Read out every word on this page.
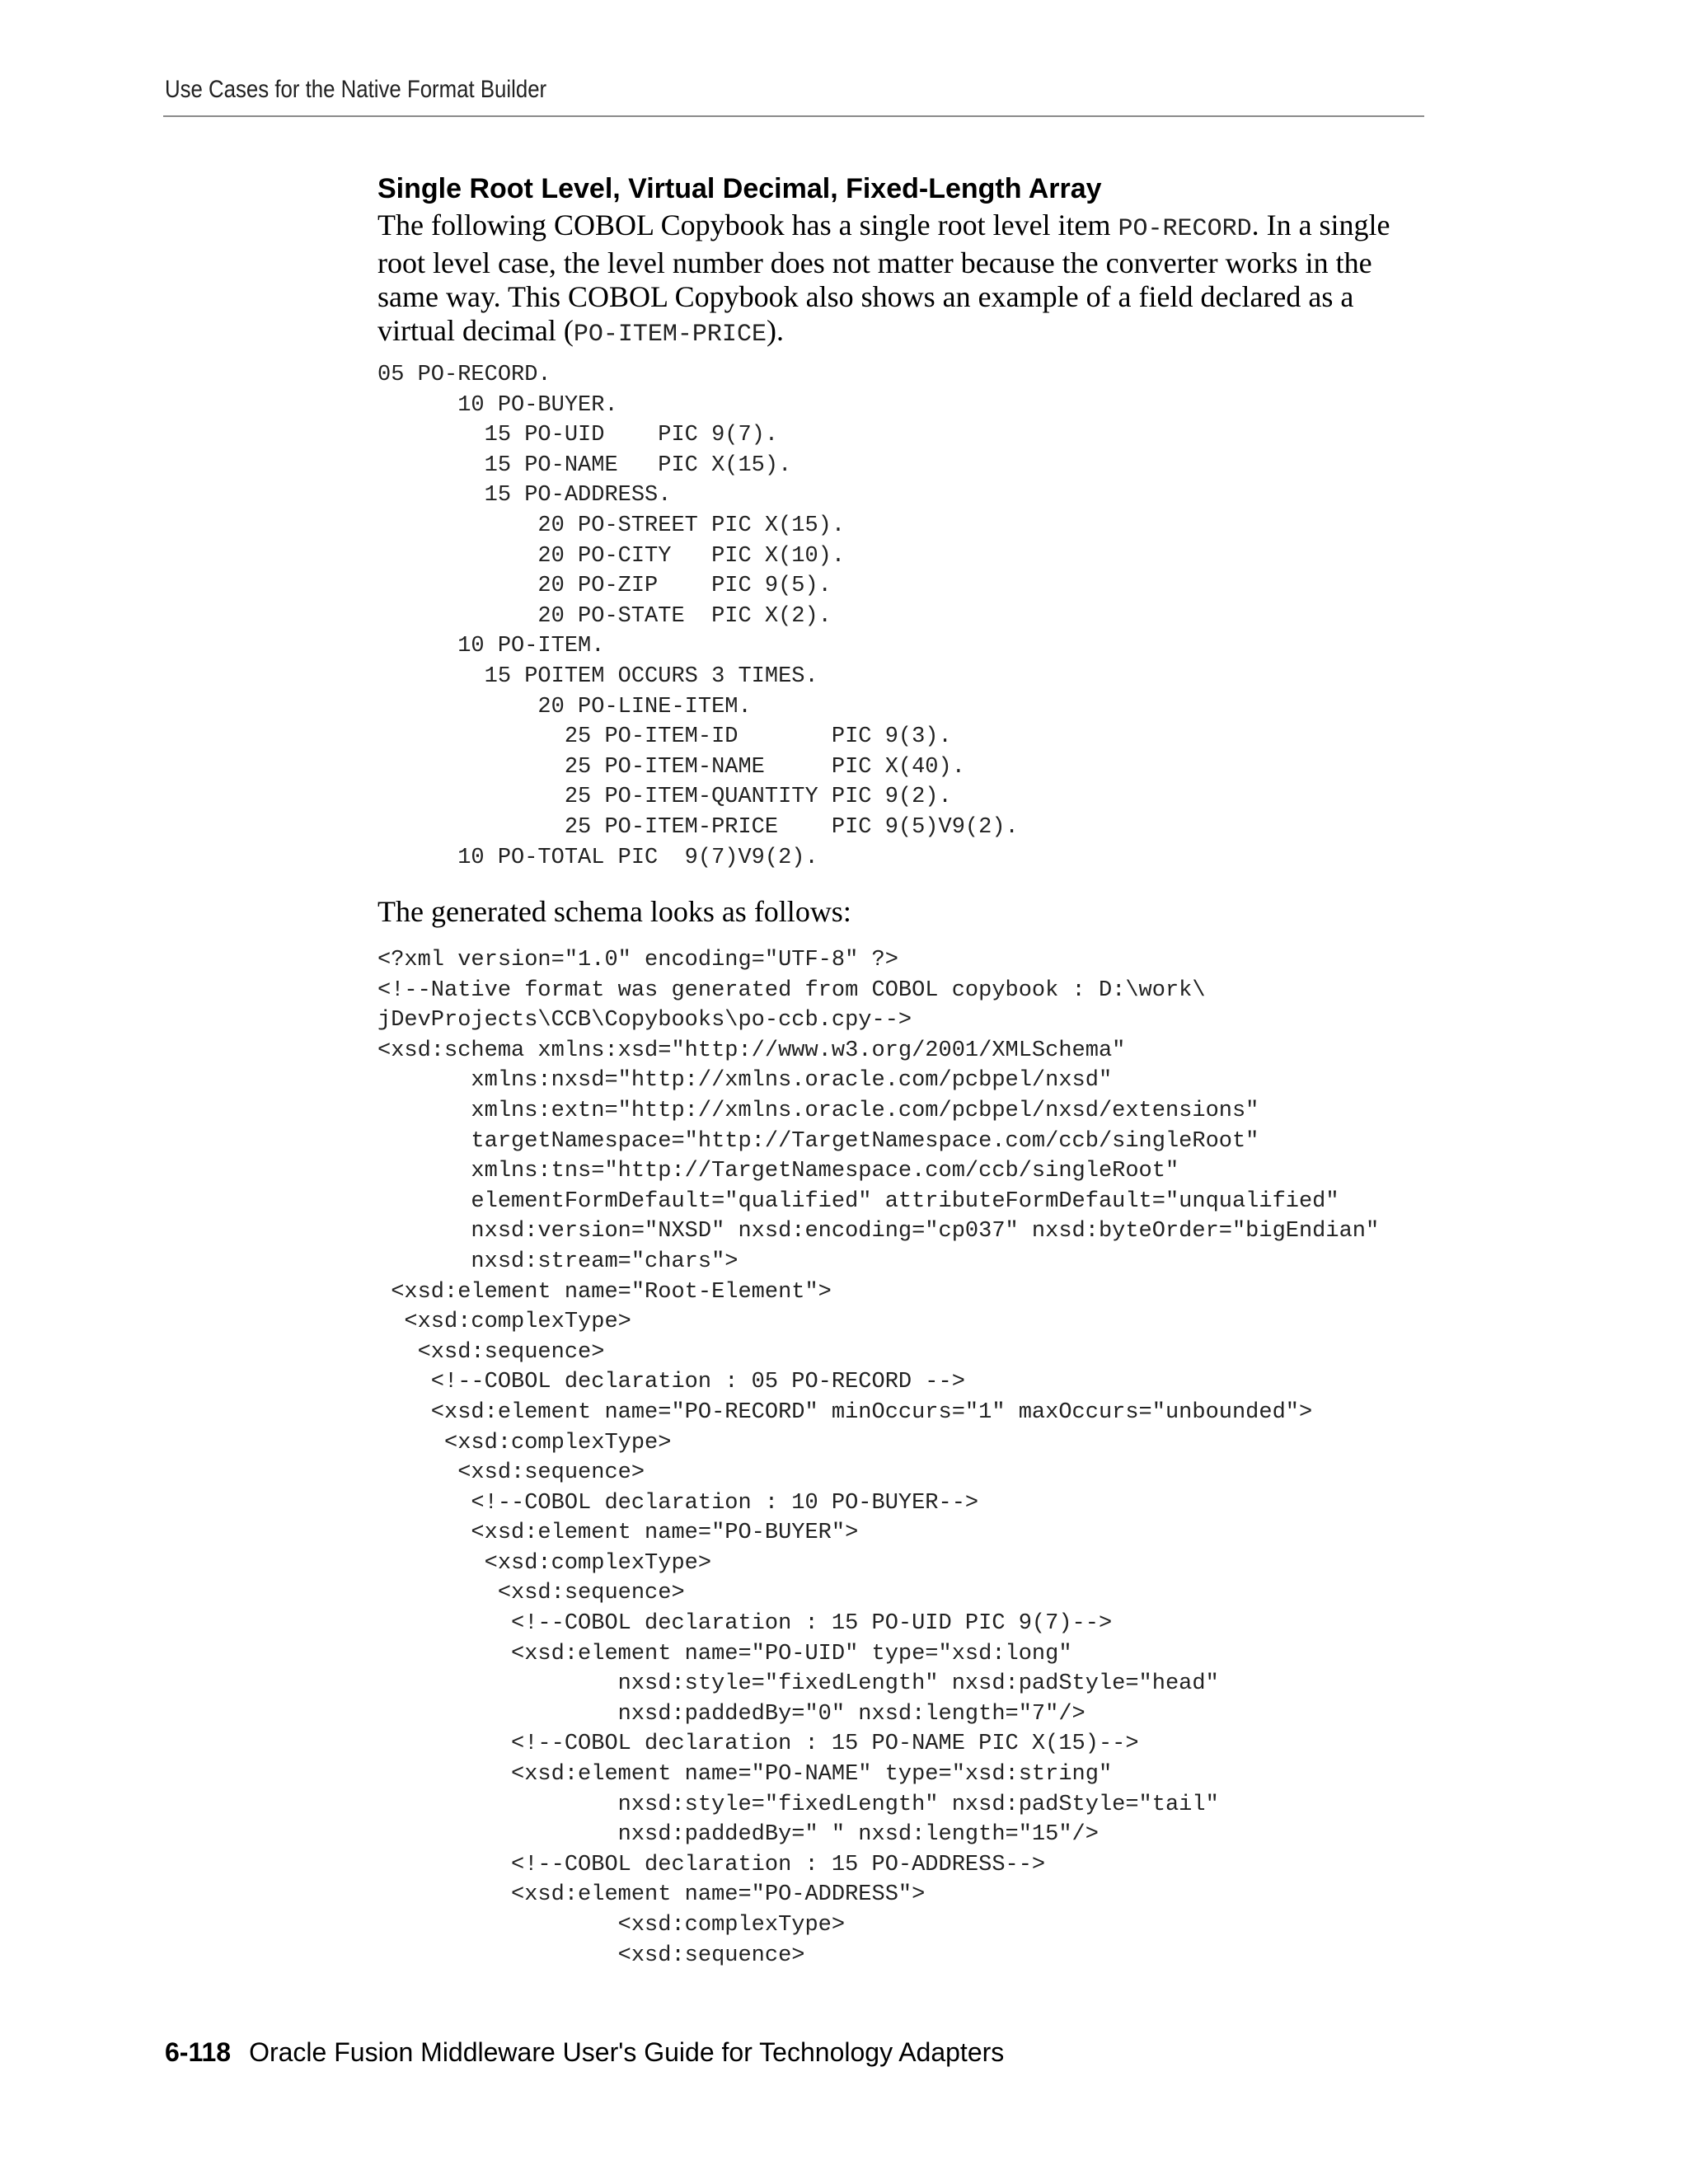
Use Cases for the Native Format Builder
Single Root Level, Virtual Decimal, Fixed-Length Array

The following COBOL Copybook has a single root level item PO-RECORD. In a single root level case, the level number does not matter because the converter works in the same way. This COBOL Copybook also shows an example of a field declared as a virtual decimal (PO-ITEM-PRICE).

05 PO-RECORD.
10 PO-BUYER.
15 PO-UID    PIC 9(7).
15 PO-NAME   PIC X(15).
15 PO-ADDRESS.
20 PO-STREET PIC X(15).
20 PO-CITY   PIC X(10).
20 PO-ZIP    PIC 9(5).
20 PO-STATE  PIC X(2).
10 PO-ITEM.
15 POITEM OCCURS 3 TIMES.
20 PO-LINE-ITEM.
25 PO-ITEM-ID       PIC 9(3).
25 PO-ITEM-NAME     PIC X(40).
25 PO-ITEM-QUANTITY PIC 9(2).
25 PO-ITEM-PRICE    PIC 9(5)V9(2).
10 PO-TOTAL PIC  9(7)V9(2).

The generated schema looks as follows:

<?xml version="1.0" encoding="UTF-8" ?>
<!--Native format was generated from COBOL copybook : D:\work\
jDevProjects\CCB\Copybooks\po-ccb.cpy-->
<xsd:schema xmlns:xsd="http://www.w3.org/2001/XMLSchema"
xmlns:nxsd="http://xmlns.oracle.com/pcbpel/nxsd"
xmlns:extn="http://xmlns.oracle.com/pcbpel/nxsd/extensions"
targetNamespace="http://TargetNamespace.com/ccb/singleRoot"
xmlns:tns="http://TargetNamespace.com/ccb/singleRoot"
elementFormDefault="qualified" attributeFormDefault="unqualified"
nxsd:version="NXSD" nxsd:encoding="cp037" nxsd:byteOrder="bigEndian"
nxsd:stream="chars">
<xsd:element name="Root-Element">
<xsd:complexType>
<xsd:sequence>
<!--COBOL declaration : 05 PO-RECORD -->
<xsd:element name="PO-RECORD" minOccurs="1" maxOccurs="unbounded">
<xsd:complexType>
<xsd:sequence>
<!--COBOL declaration : 10 PO-BUYER-->
<xsd:element name="PO-BUYER">
<xsd:complexType>
<xsd:sequence>
<!--COBOL declaration : 15 PO-UID PIC 9(7)-->
<xsd:element name="PO-UID" type="xsd:long"
nxsd:style="fixedLength" nxsd:padStyle="head"
nxsd:paddedBy="0" nxsd:length="7"/>
<!--COBOL declaration : 15 PO-NAME PIC X(15)-->
<xsd:element name="PO-NAME" type="xsd:string"
nxsd:style="fixedLength" nxsd:padStyle="tail"
nxsd:paddedBy=" " nxsd:length="15"/>
<!--COBOL declaration : 15 PO-ADDRESS-->
<xsd:element name="PO-ADDRESS">
<xsd:complexType>
<xsd:sequence>
6-118 Oracle Fusion Middleware User's Guide for Technology Adapters
